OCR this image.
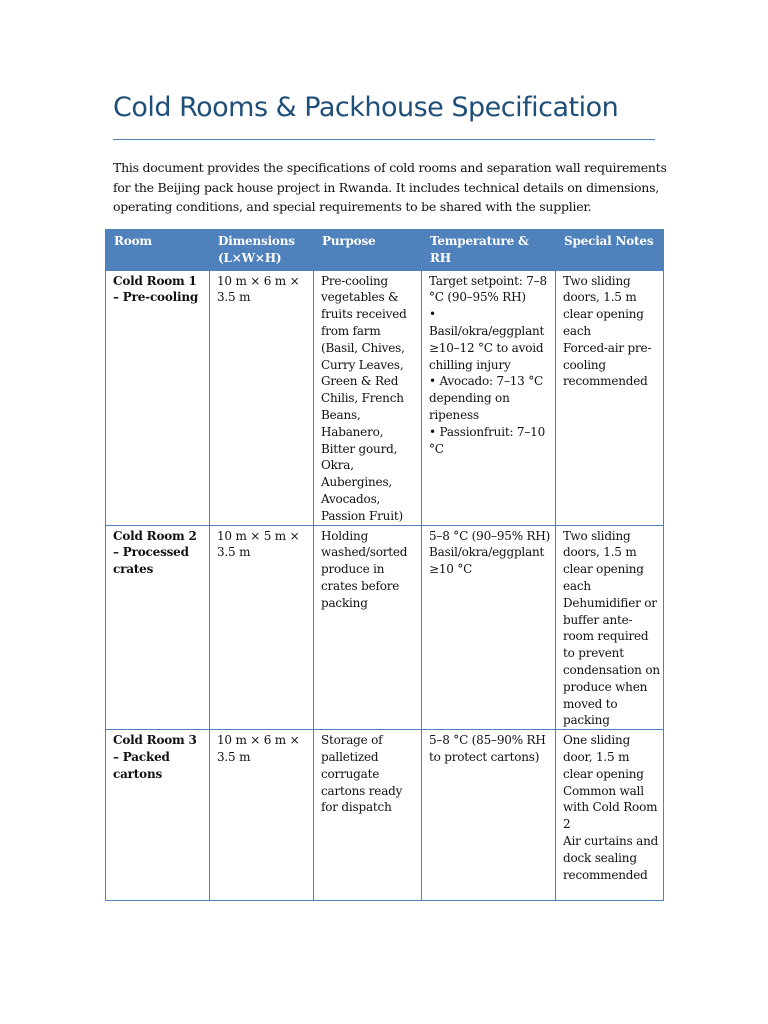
Cold Rooms & Packhouse Specification

This document provides the specifications of cold rooms and separation wall requirements
for the Beijing pack house project in Rwanda. It includes technical details on dimensions,
operating conditions, and special requirements to be shared with the supplier.

Room	Dimensions (L×W×H)	Purpose	Temperature & RH	Special Notes
Cold Room 1 – Pre-cooling	10 m × 6 m × 3.5 m	Pre-cooling vegetables & fruits received from farm (Basil, Chives, Curry Leaves, Green & Red Chilis, French Beans, Habanero, Bitter gourd, Okra, Aubergines, Avocados, Passion Fruit)	Target setpoint: 7–8 °C (90–95% RH)
• Basil/okra/eggplant ≥10–12 °C to avoid chilling injury
• Avocado: 7–13 °C depending on ripeness
• Passionfruit: 7–10 °C	Two sliding doors, 1.5 m clear opening each
Forced-air pre-cooling recommended

Cold Room 2 – Processed crates	10 m × 5 m × 3.5 m	Holding washed/sorted produce in crates before packing	5–8 °C (90–95% RH)
Basil/okra/eggplant ≥10 °C	Two sliding doors, 1.5 m clear opening each
Dehumidifier or buffer ante-room required to prevent condensation on produce when moved to packing

Cold Room 3 – Packed cartons	10 m × 6 m × 3.5 m	Storage of palletized corrugate cartons ready for dispatch	5–8 °C (85–90% RH to protect cartons)	One sliding door, 1.5 m clear opening
Common wall with Cold Room 2
Air curtains and dock sealing recommended
